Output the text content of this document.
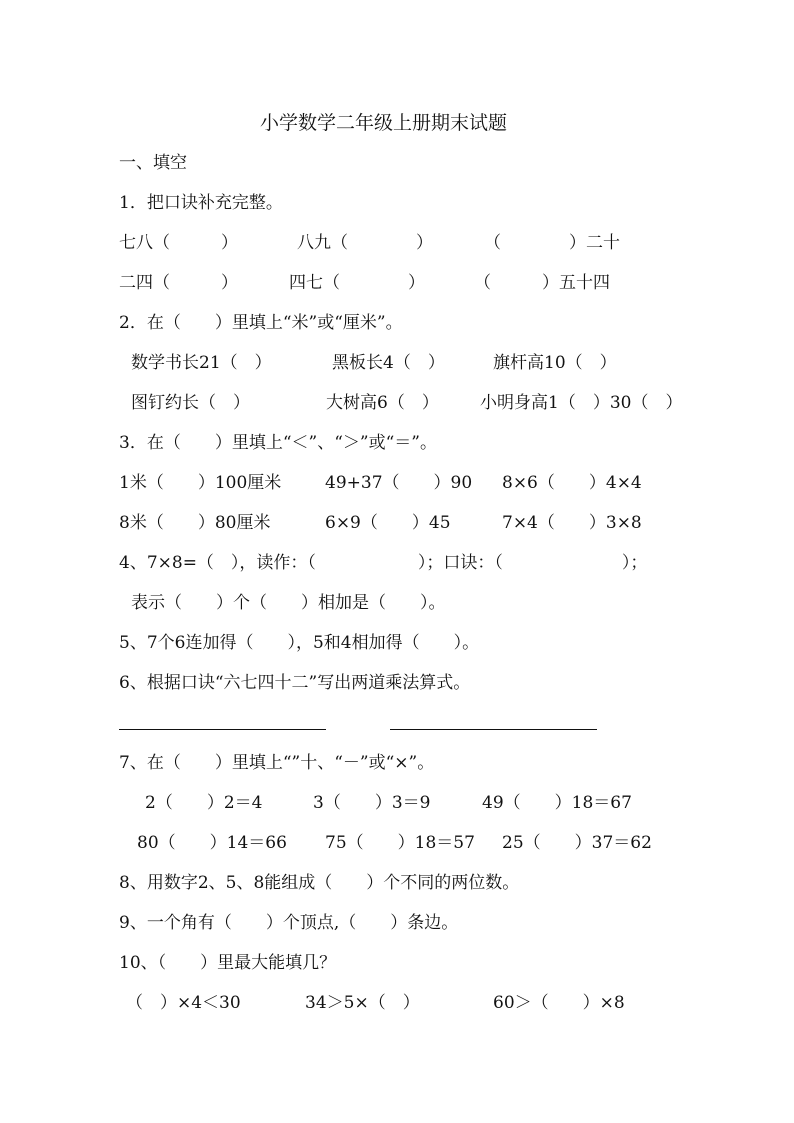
小学数学二年级上册期末试题
一、填空
1．把口诀补充完整。
七八（　　　）	八九（　　　　）	（　　　　）二十
二四（　　　）	四七（　　　　）	（　　　）五十四
2．在（　　）里填上“米”或“厘米”。
数学书长21（　）	黑板长4（　）	旗杆高10（　）
图钉约长（　）	大树高6（　） 小明身高1（　）30（　）
3．在（　　）里填上“＜”、“＞”或“＝”。
1米（　　）100厘米	49+37（　　）90 8×6（　　）4×4
8米（　　）80厘米	6×9（　　）45	7×4（　　）3×8
4、7×8=（　），读作：（　　　　　　）；口诀：（　　　　　　　）；
表示（　　）个（　　）相加是（　　）。
5、7个6连加得（　　），5和4相加得（　　）。
6、根据口诀“六七四十二”写出两道乘法算式。
7、在（　　）里填上“”十、“－”或“×”。
2（　　）2＝4	3（　　）3＝9	49（　　）18＝67
80（　　）14＝66 75（　　）18＝57 25（　　）37＝62
8、用数字2、5、8能组成（　　）个不同的两位数。
9、一个角有（　　）个顶点,（　　）条边。
10、（　　）里最大能填几？
（　）×4＜30	34＞5×（　）	60＞（　　）×8
